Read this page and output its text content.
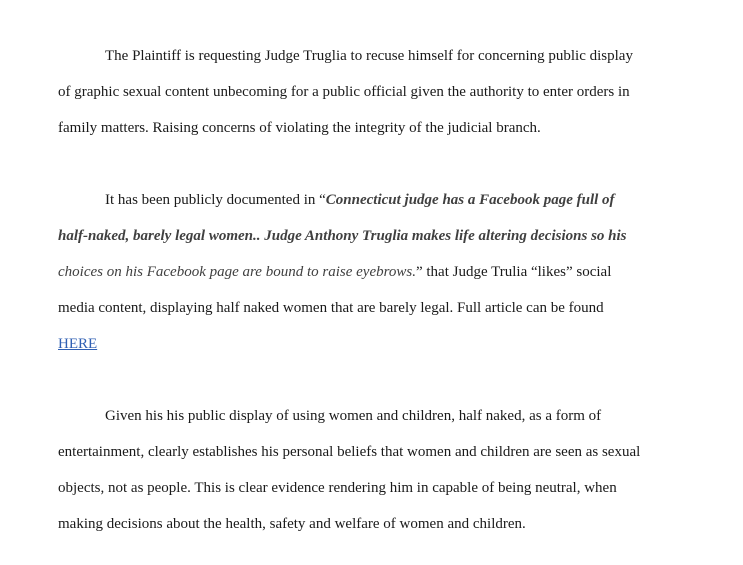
The Plaintiff is requesting Judge Truglia to recuse himself for concerning public display
of graphic sexual content unbecoming for a public official given the authority to enter orders in
family matters. Raising concerns of violating the integrity of the judicial branch.
It has been publicly documented in “Connecticut judge has a Facebook page full of
half-naked, barely legal women.. Judge Anthony Truglia makes life altering decisions so his
choices on his Facebook page are bound to raise eyebrows.” that Judge Trulia “likes” social
media content, displaying half naked women that are barely legal. Full article can be found
HERE
Given his his public display of using women and children, half naked, as a form of
entertainment, clearly establishes his personal beliefs that women and children are seen as sexual
objects, not as people. This is clear evidence rendering him in capable of being neutral, when
making decisions about the health, safety and welfare of women and children.
